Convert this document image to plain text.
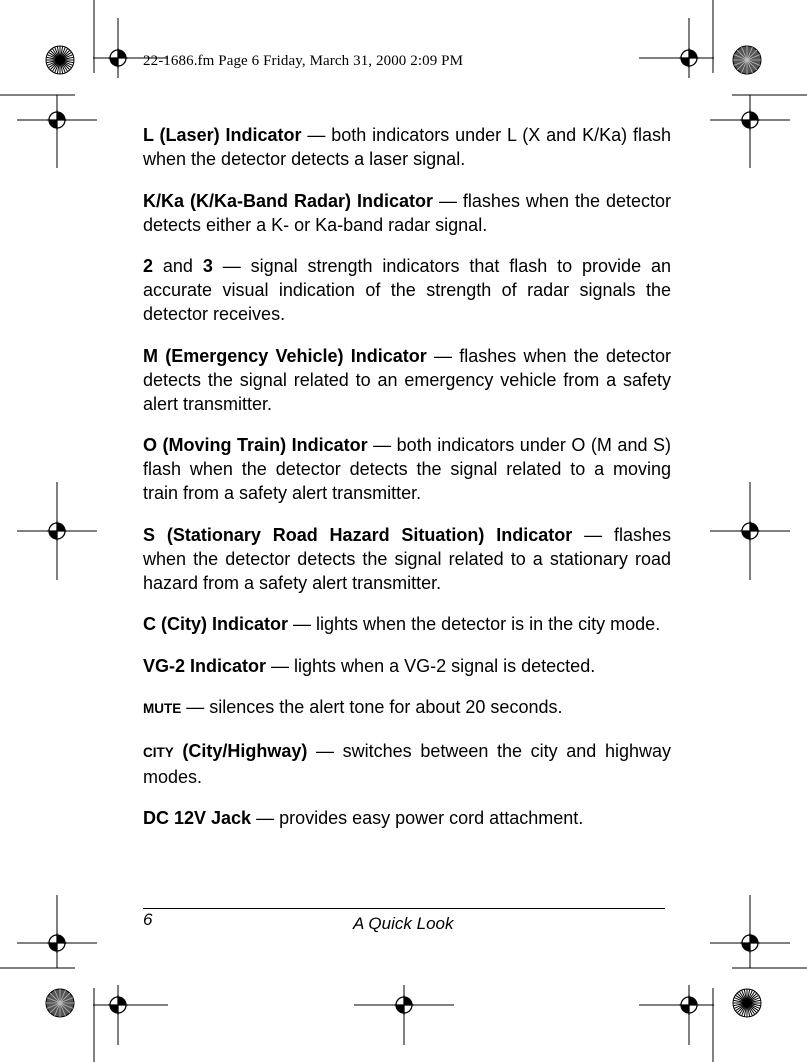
22-1686.fm Page 6 Friday, March 31, 2000 2:09 PM

L (Laser) Indicator — both indicators under L (X and K/Ka) flash when the detector detects a laser signal.

K/Ka (K/Ka-Band Radar) Indicator — flashes when the detector detects either a K- or Ka-band radar signal.

2 and 3 — signal strength indicators that flash to provide an accurate visual indication of the strength of radar signals the detector receives.

M (Emergency Vehicle) Indicator — flashes when the detector detects the signal related to an emergency vehicle from a safety alert transmitter.

O (Moving Train) Indicator — both indicators under O (M and S) flash when the detector detects the signal related to a moving train from a safety alert transmitter.

S (Stationary Road Hazard Situation) Indicator — flashes when the detector detects the signal related to a stationary road hazard from a safety alert transmitter.

C (City) Indicator — lights when the detector is in the city mode.

VG-2 Indicator — lights when a VG-2 signal is detected.

MUTE — silences the alert tone for about 20 seconds.

CITY (City/Highway) — switches between the city and highway modes.

DC 12V Jack — provides easy power cord attachment.

6	A Quick Look
